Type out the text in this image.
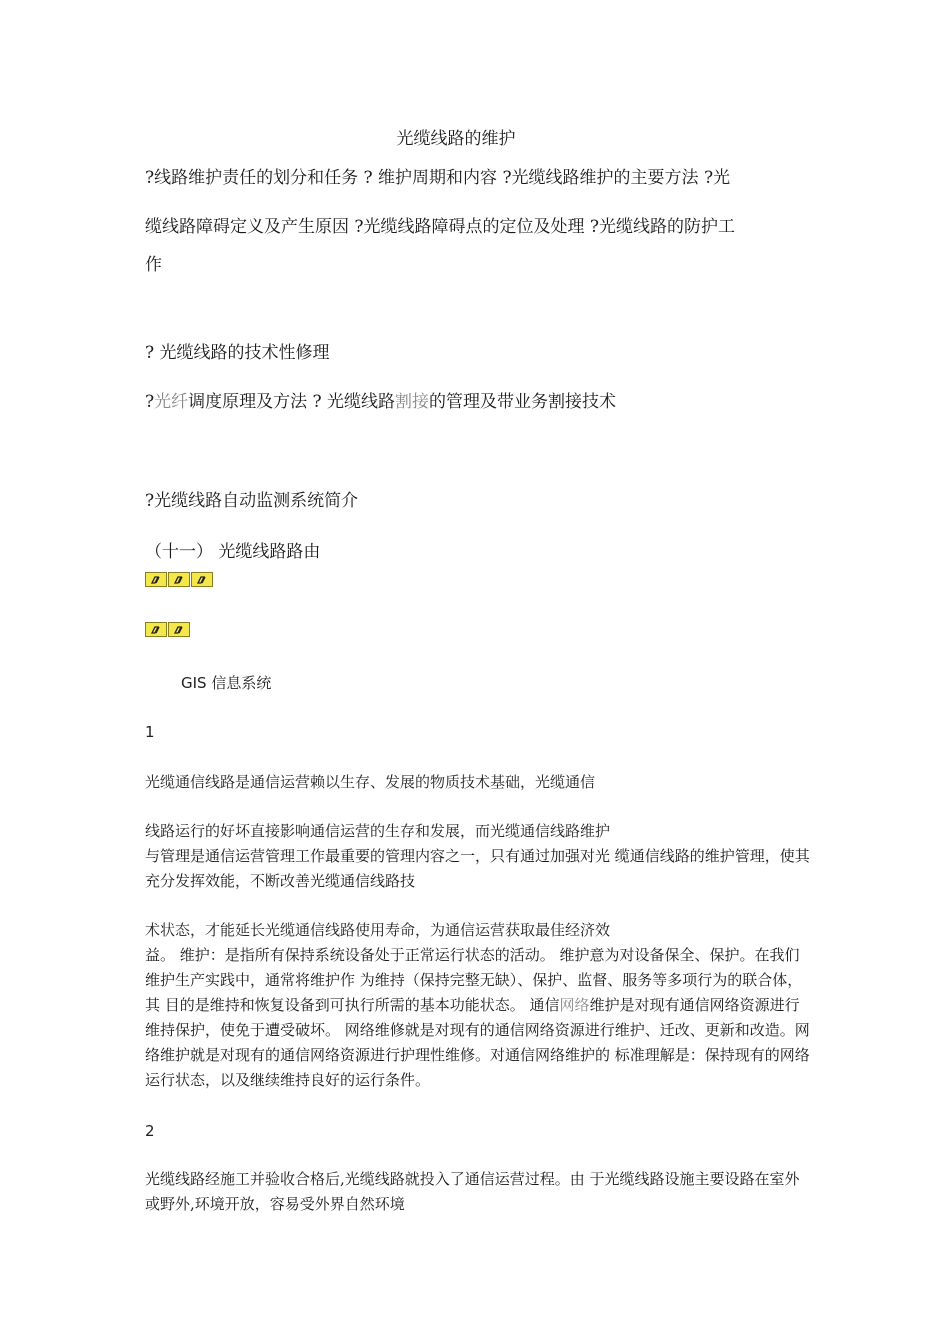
光缆线路的维护
?线路维护责任的划分和任务 ? 维护周期和内容 ?光缆线路维护的主要方法 ?光
缆线路障碍定义及产生原因 ?光缆线路障碍点的定位及处理 ?光缆线路的防护工
作
? 光缆线路的技术性修理
?光纤调度原理及方法 ? 光缆线路割接的管理及带业务割接技术
?光缆线路自动监测系统简介
（十一） 光缆线路路由
GIS 信息系统
1
光缆通信线路是通信运营赖以生存、发展的物质技术基础，光缆通信
线路运行的好坏直接影响通信运营的生存和发展，而光缆通信线路维护
与管理是通信运营管理工作最重要的管理内容之一，只有通过加强对光 缆通信线路的维护管理，使其充分发挥效能，不断改善光缆通信线路技
术状态，才能延长光缆通信线路使用寿命，为通信运营获取最佳经济效
益。 维护：是指所有保持系统设备处于正常运行状态的活动。 维护意为对设备保全、保护。在我们维护生产实践中，通常将维护作 为维持（保持完整无缺）、保护、监督、服务等多项行为的联合体，其 目的是维持和恢复设备到可执行所需的基本功能状态。 通信网络维护是对现有通信网络资源进行维持保护，使免于遭受破坏。 网络维修就是对现有的通信网络资源进行维护、迁改、更新和改造。网 络维护就是对现有的通信网络资源进行护理性维修。对通信网络维护的 标准理解是：保持现有的网络运行状态，以及继续维持良好的运行条件。
2
光缆线路经施工并验收合格后,光缆线路就投入了通信运营过程。由 于光缆线路设施主要设路在室外或野外,环境开放，容易受外界自然环境
